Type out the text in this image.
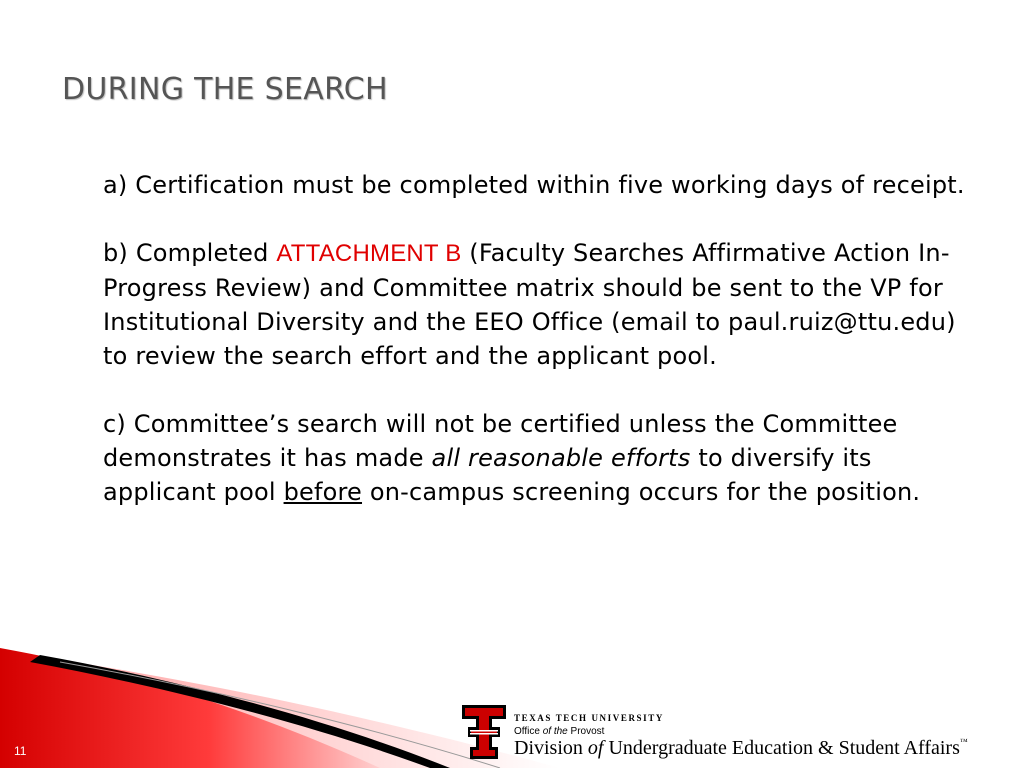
DURING THE SEARCH

a) Certification must be completed within five working days of receipt.

b) Completed ATTACHMENT B (Faculty Searches Affirmative Action In-Progress Review) and Committee matrix should be sent to the VP for Institutional Diversity and the EEO Office (email to paul.ruiz@ttu.edu) to review the search effort and the applicant pool.

c) Committee’s search will not be certified unless the Committee demonstrates it has made all reasonable efforts to diversify its applicant pool before on-campus screening occurs for the position.

11
TEXAS TECH UNIVERSITY
Office of the Provost
Division of Undergraduate Education & Student Affairs™
